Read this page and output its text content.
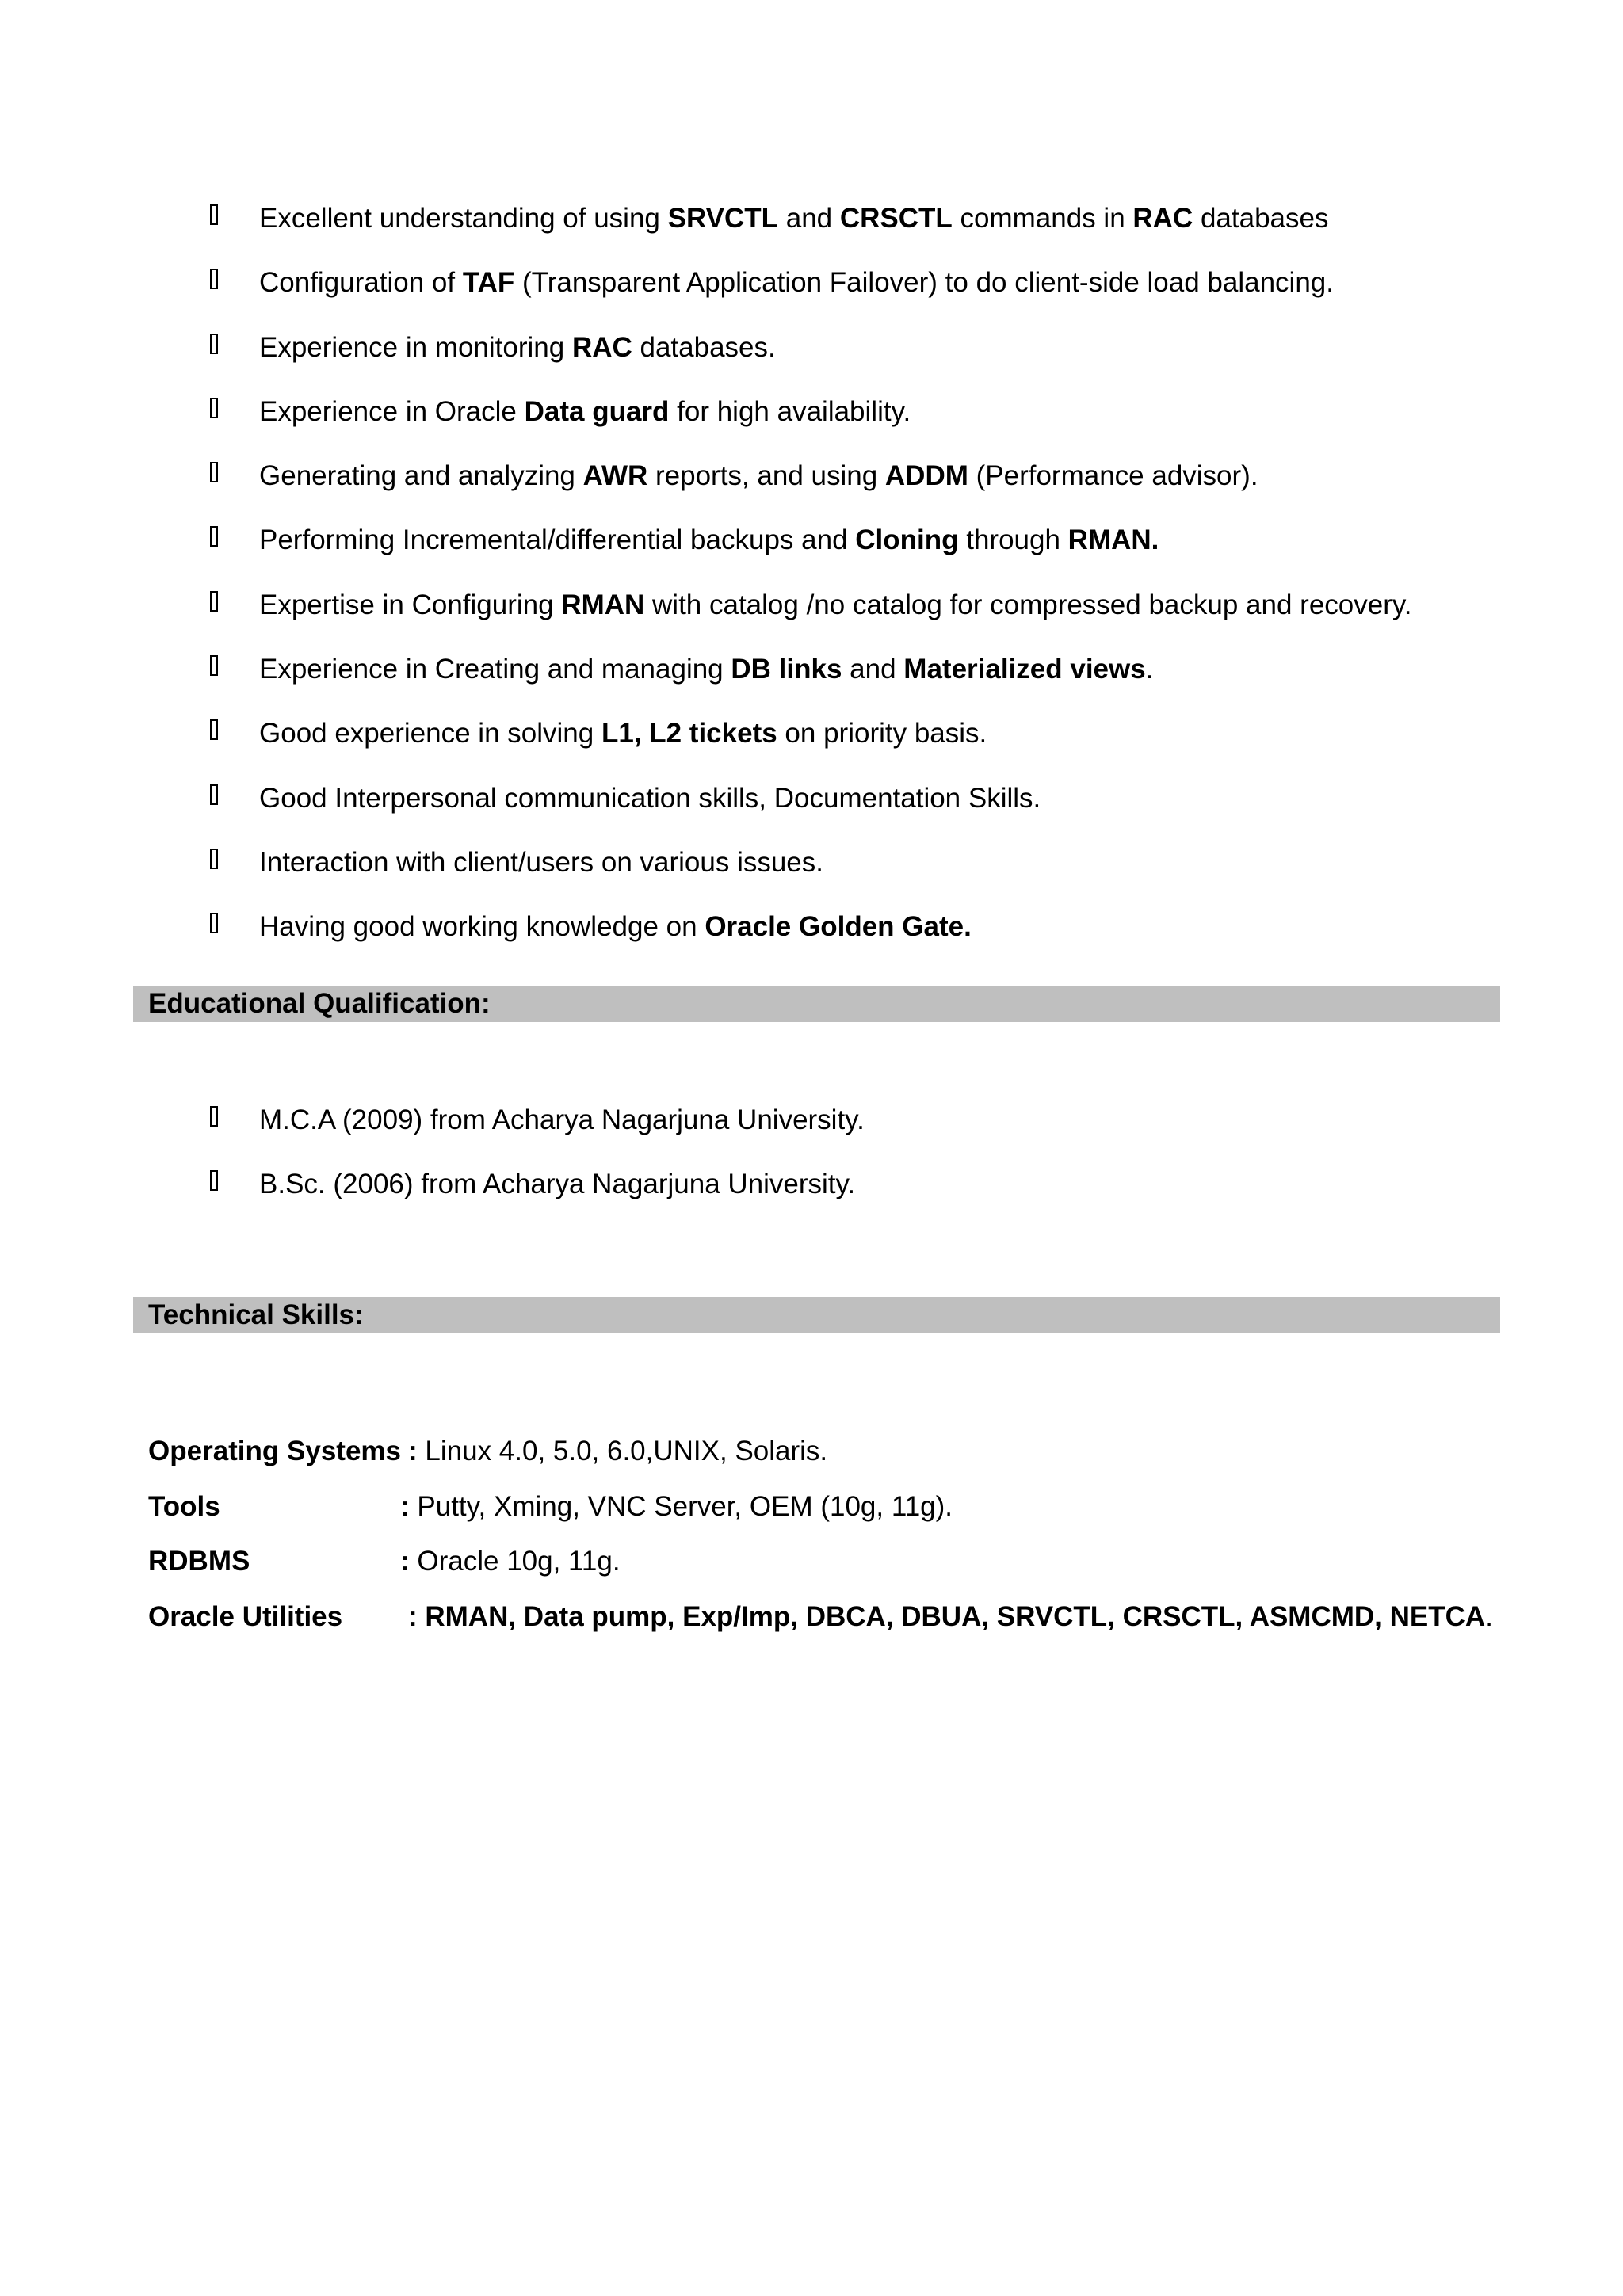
Excellent understanding of using SRVCTL and CRSCTL commands in RAC databases
Configuration of TAF (Transparent Application Failover) to do client-side load balancing.
Experience in monitoring RAC databases.
Experience in Oracle Data guard for high availability.
Generating and analyzing AWR reports, and using ADDM (Performance advisor).
Performing Incremental/differential backups and Cloning through RMAN.
Expertise in Configuring RMAN with catalog /no catalog for compressed backup and recovery.
Experience in Creating and managing DB links and Materialized views.
Good experience in solving L1, L2 tickets on priority basis.
Good Interpersonal communication skills, Documentation Skills.
Interaction with client/users on various issues.
Having good working knowledge on Oracle Golden Gate.
Educational Qualification:
M.C.A (2009) from Acharya Nagarjuna University.
B.Sc. (2006) from Acharya Nagarjuna University.
Technical Skills:
Operating Systems : Linux 4.0, 5.0, 6.0,UNIX, Solaris.
Tools	: Putty, Xming, VNC Server, OEM (10g, 11g).
RDBMS	: Oracle 10g, 11g.
Oracle Utilities : RMAN, Data pump, Exp/Imp, DBCA, DBUA, SRVCTL, CRSCTL, ASMCMD, NETCA.
